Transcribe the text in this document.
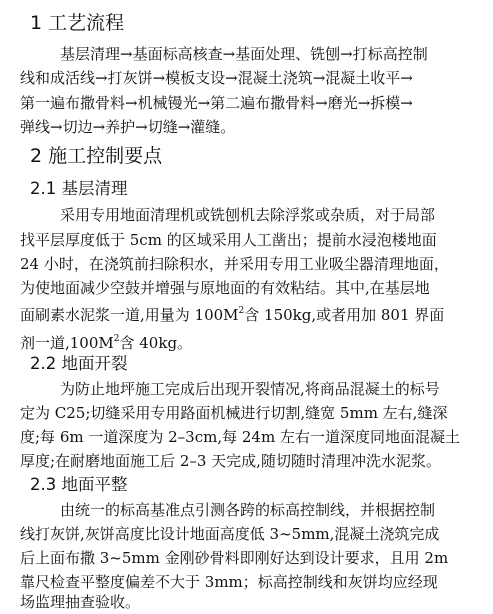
1 工艺流程
基层清理→基面标高核查→基面处理、铣刨→打标高控制
线和成活线→打灰饼→模板支设→混凝土浇筑→混凝土收平→
第一遍布撒骨料→机械镘光→第二遍布撒骨料→磨光→拆模→
弹线→切边→养护→切缝→灌缝。
2 施工控制要点
2.1 基层清理
采用专用地面清理机或铣刨机去除浮浆或杂质，对于局部
找平层厚度低于 5cm 的区域采用人工凿出；提前水浸泡楼地面
24 小时，在浇筑前扫除积水，并采用专用工业吸尘器清理地面，
为使地面减少空鼓并增强与原地面的有效粘结。其中,在基层地
面刷素水泥浆一道,用量为 $100M^2$含 150kg,或者用加 801 界面
剂一道$,100M^2$含 40kg。
2.2 地面开裂
为防止地坪施工完成后出现开裂情况,将商品混凝土的标号
定为 C25;切缝采用专用路面机械进行切割,缝宽 5mm 左右,缝深
度;每 6m 一道深度为 2–3cm,每 24m 左右一道深度同地面混凝土
厚度;在耐磨地面施工后 2–3 天完成,随切随时清理冲洗水泥浆。
2.3 地面平整
由统一的标高基准点引测各跨的标高控制线，并根据控制
线打灰饼,灰饼高度比设计地面高度低 3~5mm,混凝土浇筑完成
后上面布撒 3~5mm 金刚砂骨料即刚好达到设计要求，且用 2m
靠尺检查平整度偏差不大于 3mm；标高控制线和灰饼均应经现
场监理抽查验收。
